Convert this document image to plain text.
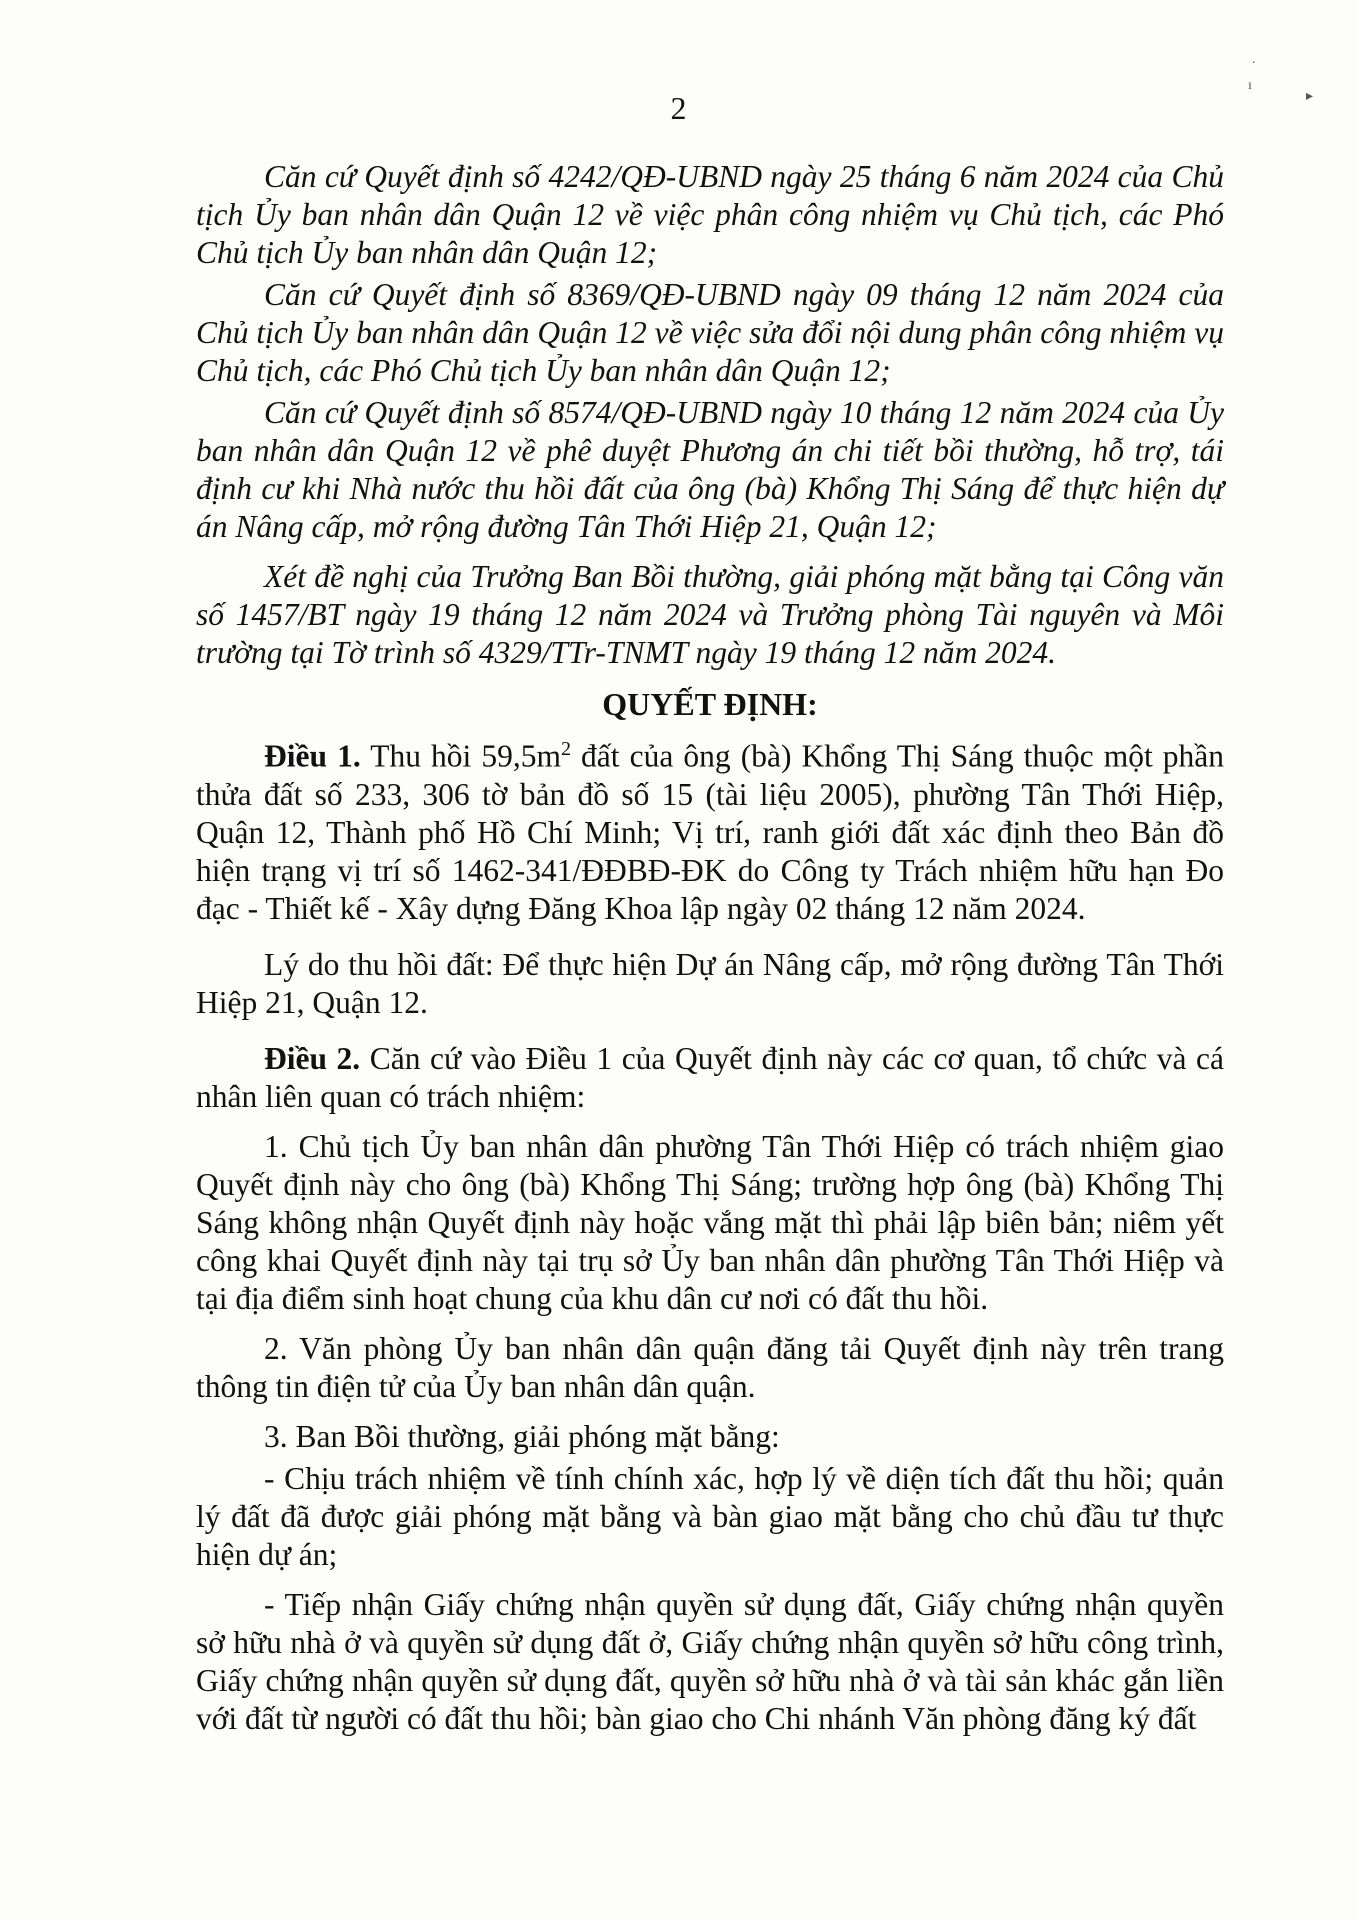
.
ı
▸
2

Căn cứ Quyết định số 4242/QĐ-UBND ngày 25 tháng 6 năm 2024 của Chủ tịch Ủy ban nhân dân Quận 12 về việc phân công nhiệm vụ Chủ tịch, các Phó Chủ tịch Ủy ban nhân dân Quận 12;

Căn cứ Quyết định số 8369/QĐ-UBND ngày 09 tháng 12 năm 2024 của Chủ tịch Ủy ban nhân dân Quận 12 về việc sửa đổi nội dung phân công nhiệm vụ Chủ tịch, các Phó Chủ tịch Ủy ban nhân dân Quận 12;

Căn cứ Quyết định số 8574/QĐ-UBND ngày 10 tháng 12 năm 2024 của Ủy ban nhân dân Quận 12 về phê duyệt Phương án chi tiết bồi thường, hỗ trợ, tái định cư khi Nhà nước thu hồi đất của ông (bà) Khổng Thị Sáng để thực hiện dự án Nâng cấp, mở rộng đường Tân Thới Hiệp 21, Quận 12;

Xét đề nghị của Trưởng Ban Bồi thường, giải phóng mặt bằng tại Công văn số 1457/BT ngày 19 tháng 12 năm 2024 và Trưởng phòng Tài nguyên và Môi trường tại Tờ trình số 4329/TTr-TNMT ngày 19 tháng 12 năm 2024.

QUYẾT ĐỊNH:

Điều 1. Thu hồi $59,5m^2$ đất của ông (bà) Khổng Thị Sáng thuộc một phần thửa đất số 233, 306 tờ bản đồ số 15 (tài liệu 2005), phường Tân Thới Hiệp, Quận 12, Thành phố Hồ Chí Minh; Vị trí, ranh giới đất xác định theo Bản đồ hiện trạng vị trí số 1462-341/ĐĐBĐ-ĐK do Công ty Trách nhiệm hữu hạn Đo đạc - Thiết kế - Xây dựng Đăng Khoa lập ngày 02 tháng 12 năm 2024.

Lý do thu hồi đất: Để thực hiện Dự án Nâng cấp, mở rộng đường Tân Thới Hiệp 21, Quận 12.

Điều 2. Căn cứ vào Điều 1 của Quyết định này các cơ quan, tổ chức và cá nhân liên quan có trách nhiệm:

1. Chủ tịch Ủy ban nhân dân phường Tân Thới Hiệp có trách nhiệm giao Quyết định này cho ông (bà) Khổng Thị Sáng; trường hợp ông (bà) Khổng Thị Sáng không nhận Quyết định này hoặc vắng mặt thì phải lập biên bản; niêm yết công khai Quyết định này tại trụ sở Ủy ban nhân dân phường Tân Thới Hiệp và tại địa điểm sinh hoạt chung của khu dân cư nơi có đất thu hồi.

2. Văn phòng Ủy ban nhân dân quận đăng tải Quyết định này trên trang thông tin điện tử của Ủy ban nhân dân quận.

3. Ban Bồi thường, giải phóng mặt bằng:

- Chịu trách nhiệm về tính chính xác, hợp lý về diện tích đất thu hồi; quản lý đất đã được giải phóng mặt bằng và bàn giao mặt bằng cho chủ đầu tư thực hiện dự án;

- Tiếp nhận Giấy chứng nhận quyền sử dụng đất, Giấy chứng nhận quyền sở hữu nhà ở và quyền sử dụng đất ở, Giấy chứng nhận quyền sở hữu công trình, Giấy chứng nhận quyền sử dụng đất, quyền sở hữu nhà ở và tài sản khác gắn liền với đất từ người có đất thu hồi; bàn giao cho Chi nhánh Văn phòng đăng ký đất
